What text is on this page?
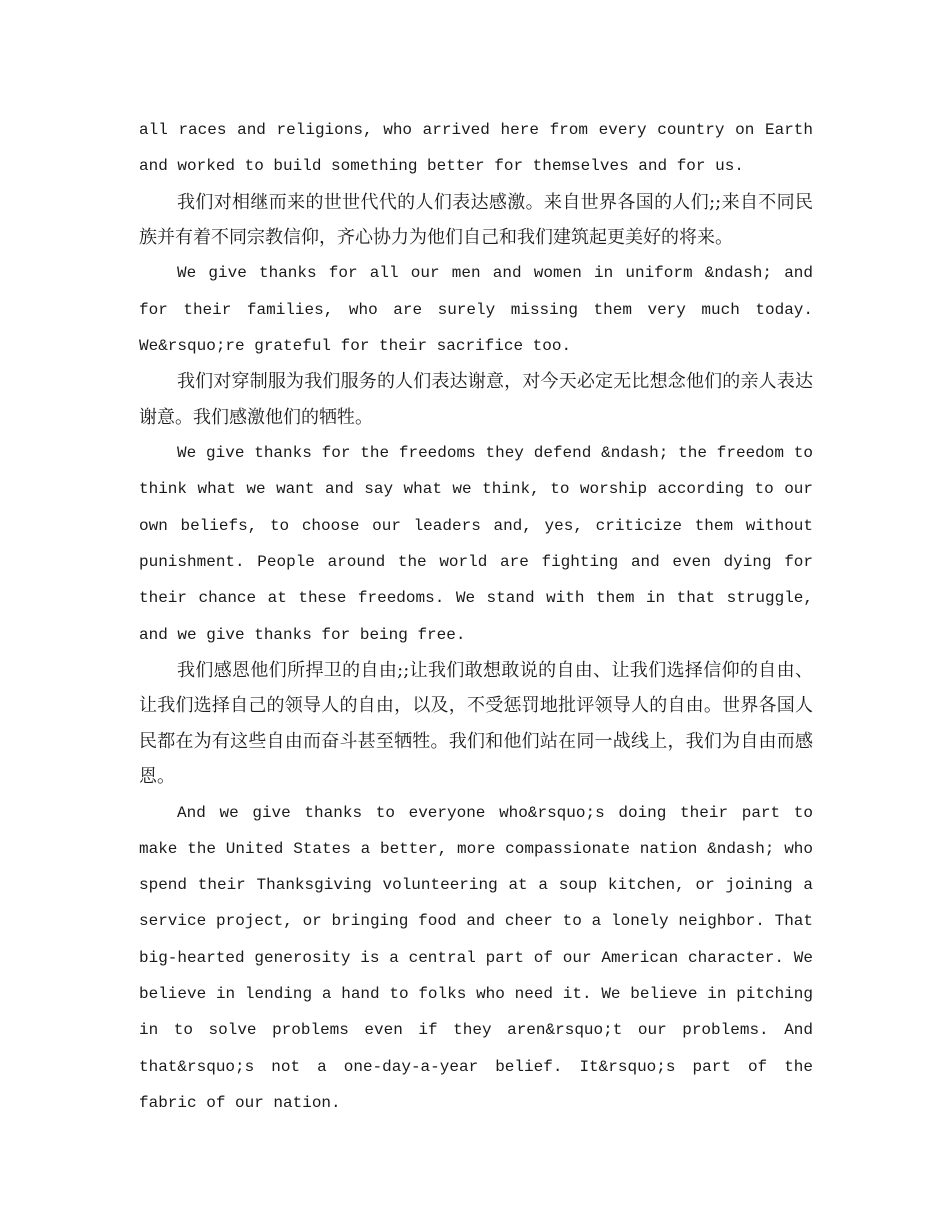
all races and religions, who arrived here from every country on Earth and worked to build something better for themselves and for us.

我们对相继而来的世世代代的人们表达感激。来自世界各国的人们;;来自不同民族并有着不同宗教信仰，齐心协力为他们自己和我们建筑起更美好的将来。

We give thanks for all our men and women in uniform &ndash; and for their families, who are surely missing them very much today. We&rsquo;re grateful for their sacrifice too.

我们对穿制服为我们服务的人们表达谢意，对今天必定无比想念他们的亲人表达谢意。我们感激他们的牺牲。

We give thanks for the freedoms they defend &ndash; the freedom to think what we want and say what we think, to worship according to our own beliefs, to choose our leaders and, yes, criticize them without punishment. People around the world are fighting and even dying for their chance at these freedoms. We stand with them in that struggle, and we give thanks for being free.

我们感恩他们所捍卫的自由;;让我们敢想敢说的自由、让我们选择信仰的自由、让我们选择自己的领导人的自由，以及，不受惩罚地批评领导人的自由。世界各国人民都在为有这些自由而奋斗甚至牺牲。我们和他们站在同一战线上，我们为自由而感恩。

And we give thanks to everyone who&rsquo;s doing their part to make the United States a better, more compassionate nation &ndash; who spend their Thanksgiving volunteering at a soup kitchen, or joining a service project, or bringing food and cheer to a lonely neighbor. That big-hearted generosity is a central part of our American character. We believe in lending a hand to folks who need it. We believe in pitching in to solve problems even if they aren&rsquo;t our problems. And that&rsquo;s not a one-day-a-year belief. It&rsquo;s part of the fabric of our nation.
